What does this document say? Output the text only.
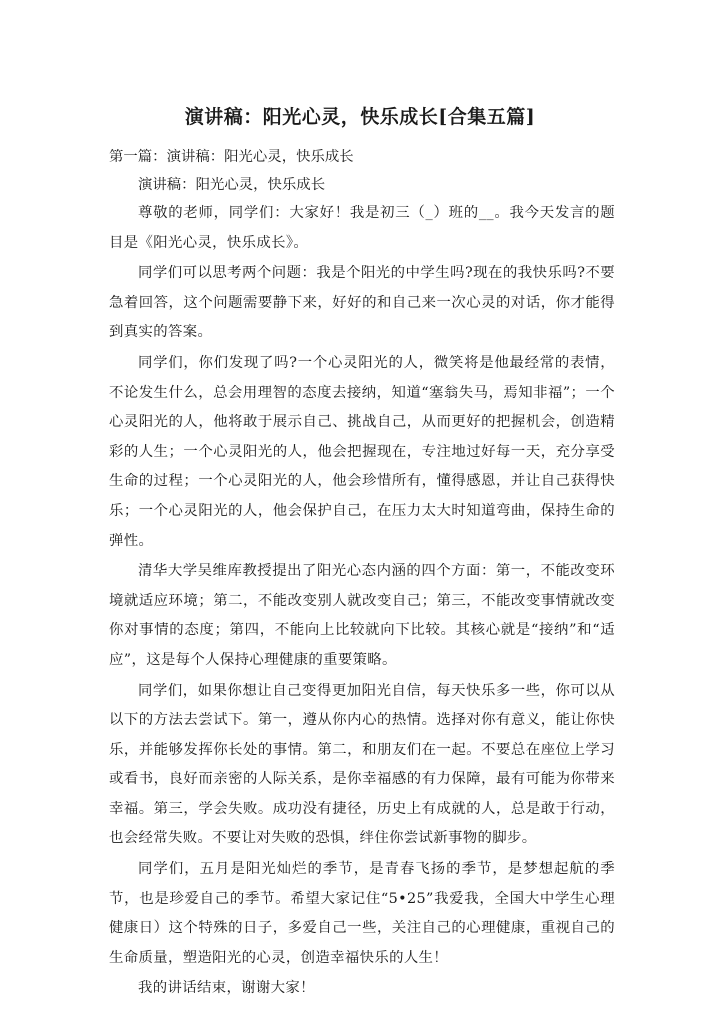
演讲稿：阳光心灵，快乐成长[合集五篇]

第一篇：演讲稿：阳光心灵，快乐成长

演讲稿：阳光心灵，快乐成长

尊敬的老师，同学们：大家好！我是初三（_）班的__。我今天发言的题目是《阳光心灵，快乐成长》。

同学们可以思考两个问题：我是个阳光的中学生吗?现在的我快乐吗?不要急着回答，这个问题需要静下来，好好的和自己来一次心灵的对话，你才能得到真实的答案。

同学们，你们发现了吗?一个心灵阳光的人，微笑将是他最经常的表情，不论发生什么，总会用理智的态度去接纳，知道“塞翁失马，焉知非福”；一个心灵阳光的人，他将敢于展示自己、挑战自己，从而更好的把握机会，创造精彩的人生；一个心灵阳光的人，他会把握现在，专注地过好每一天，充分享受生命的过程；一个心灵阳光的人，他会珍惜所有，懂得感恩，并让自己获得快乐；一个心灵阳光的人，他会保护自己，在压力太大时知道弯曲，保持生命的弹性。

清华大学吴维库教授提出了阳光心态内涵的四个方面：第一，不能改变环境就适应环境；第二，不能改变别人就改变自己；第三，不能改变事情就改变你对事情的态度；第四，不能向上比较就向下比较。其核心就是“接纳”和“适应”，这是每个人保持心理健康的重要策略。

同学们，如果你想让自己变得更加阳光自信，每天快乐多一些，你可以从以下的方法去尝试下。第一，遵从你内心的热情。选择对你有意义，能让你快乐，并能够发挥你长处的事情。第二，和朋友们在一起。不要总在座位上学习或看书，良好而亲密的人际关系，是你幸福感的有力保障，最有可能为你带来幸福。第三，学会失败。成功没有捷径，历史上有成就的人，总是敢于行动，也会经常失败。不要让对失败的恐惧，绊住你尝试新事物的脚步。

同学们，五月是阳光灿烂的季节，是青春飞扬的季节，是梦想起航的季节，也是珍爱自己的季节。希望大家记住“5•25”我爱我，全国大中学生心理健康日）这个特殊的日子，多爱自己一些，关注自己的心理健康，重视自己的生命质量，塑造阳光的心灵，创造幸福快乐的人生！

我的讲话结束，谢谢大家！
